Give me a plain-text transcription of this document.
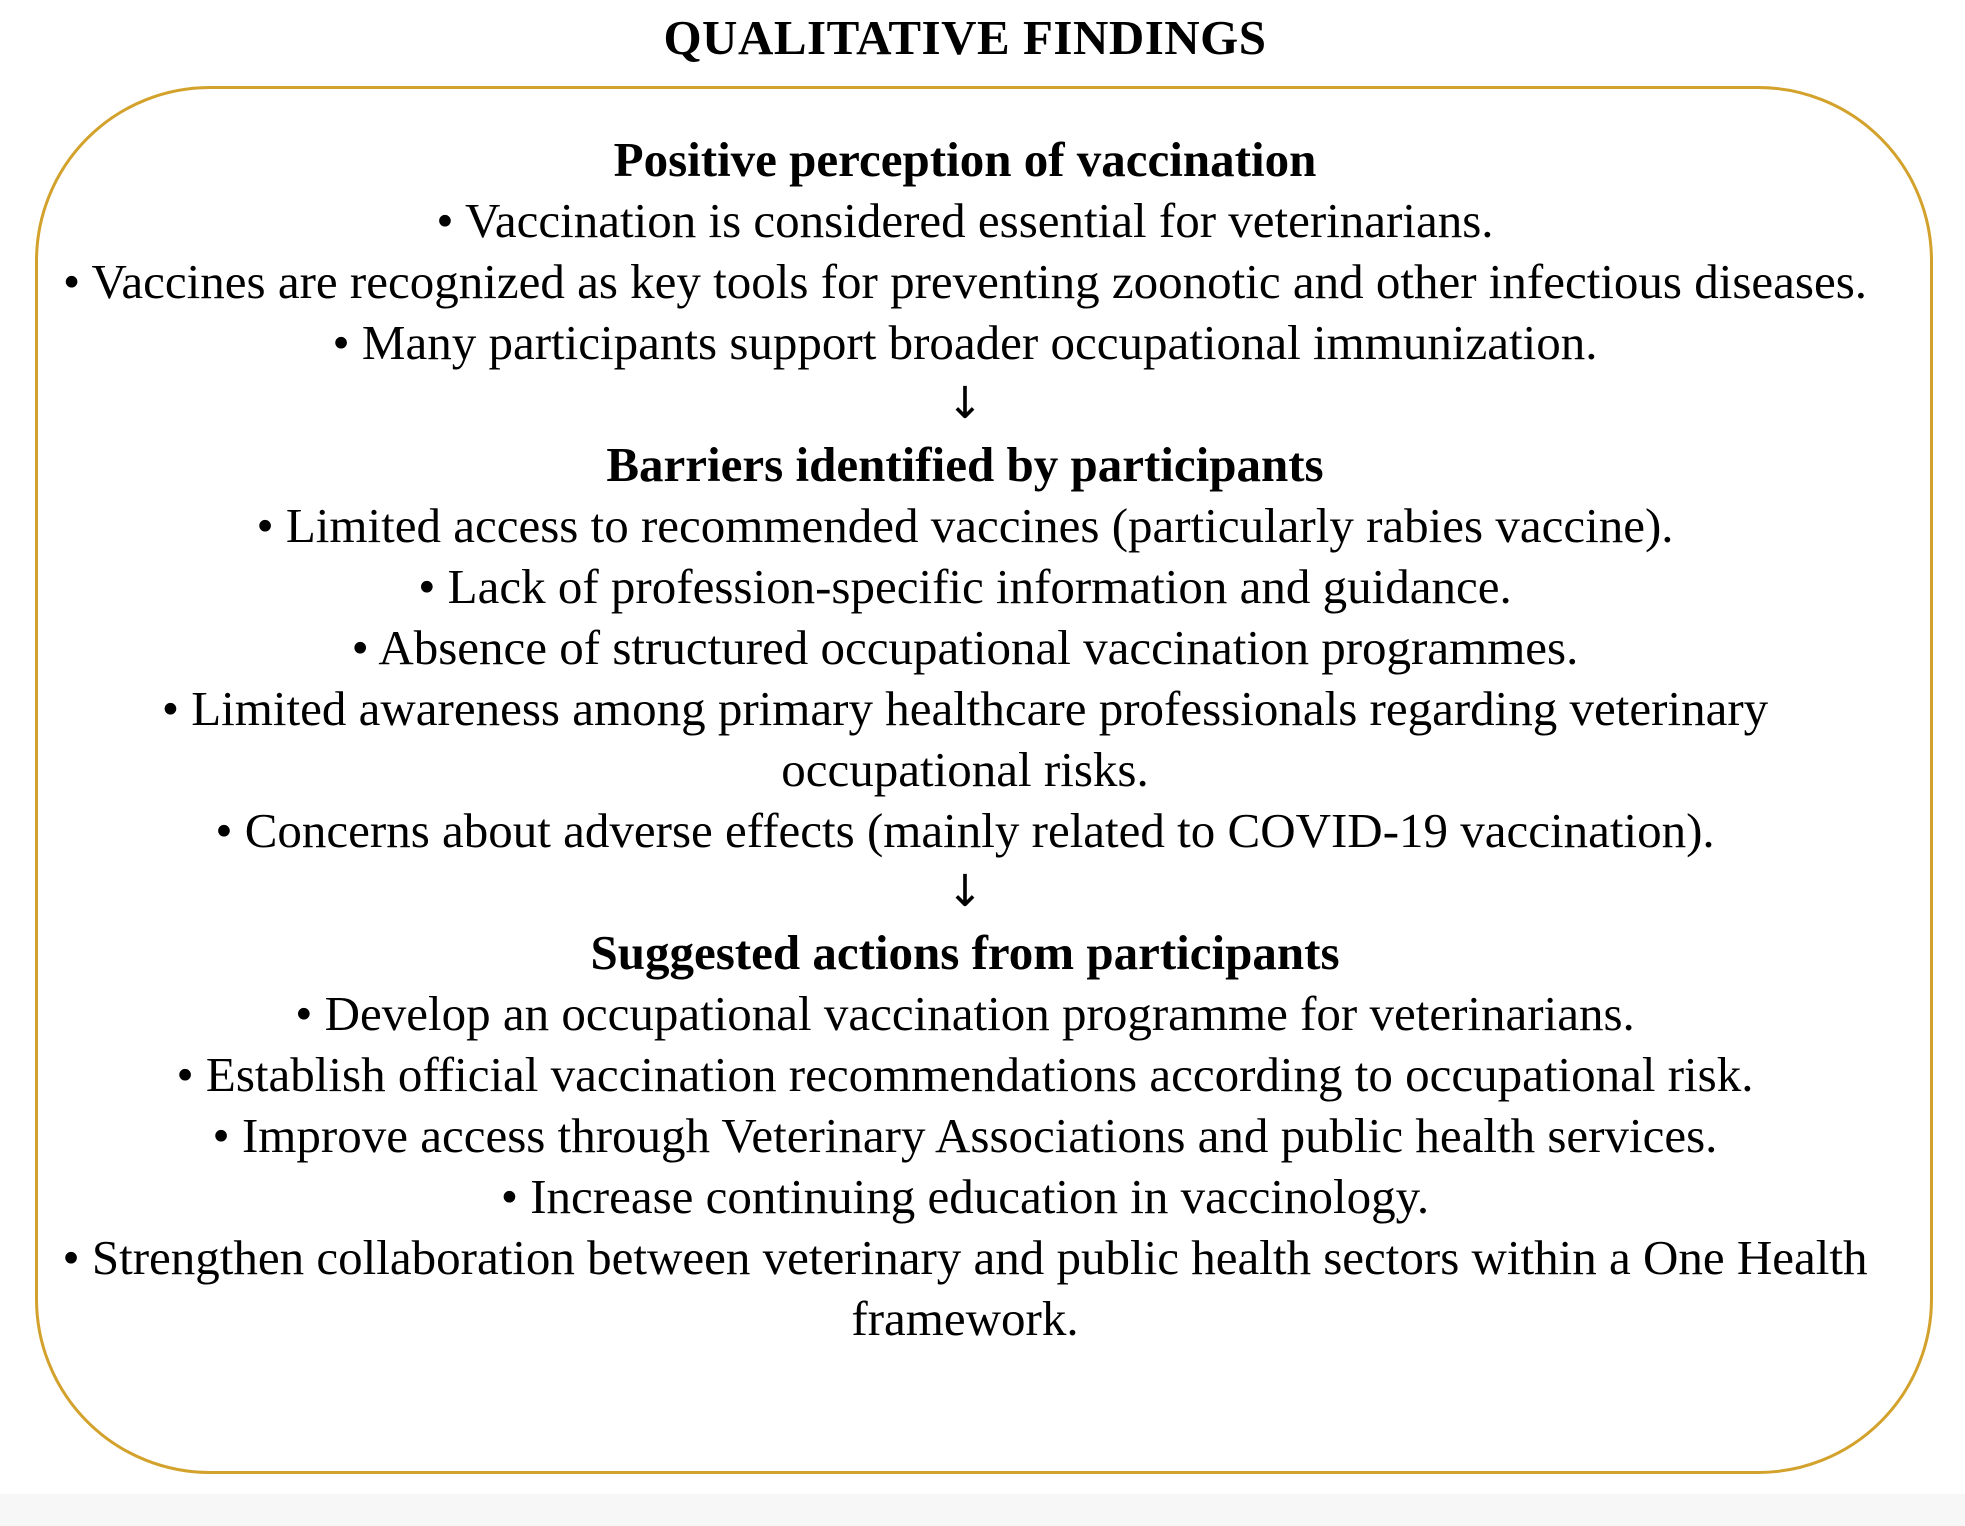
QUALITATIVE FINDINGS
Positive perception of vaccination
• Vaccination is considered essential for veterinarians.
• Vaccines are recognized as key tools for preventing zoonotic and other infectious diseases.
• Many participants support broader occupational immunization.
↓
Barriers identified by participants
• Limited access to recommended vaccines (particularly rabies vaccine).
• Lack of profession-specific information and guidance.
• Absence of structured occupational vaccination programmes.
• Limited awareness among primary healthcare professionals regarding veterinary occupational risks.
• Concerns about adverse effects (mainly related to COVID-19 vaccination).
↓
Suggested actions from participants
• Develop an occupational vaccination programme for veterinarians.
• Establish official vaccination recommendations according to occupational risk.
• Improve access through Veterinary Associations and public health services.
• Increase continuing education in vaccinology.
• Strengthen collaboration between veterinary and public health sectors within a One Health framework.
